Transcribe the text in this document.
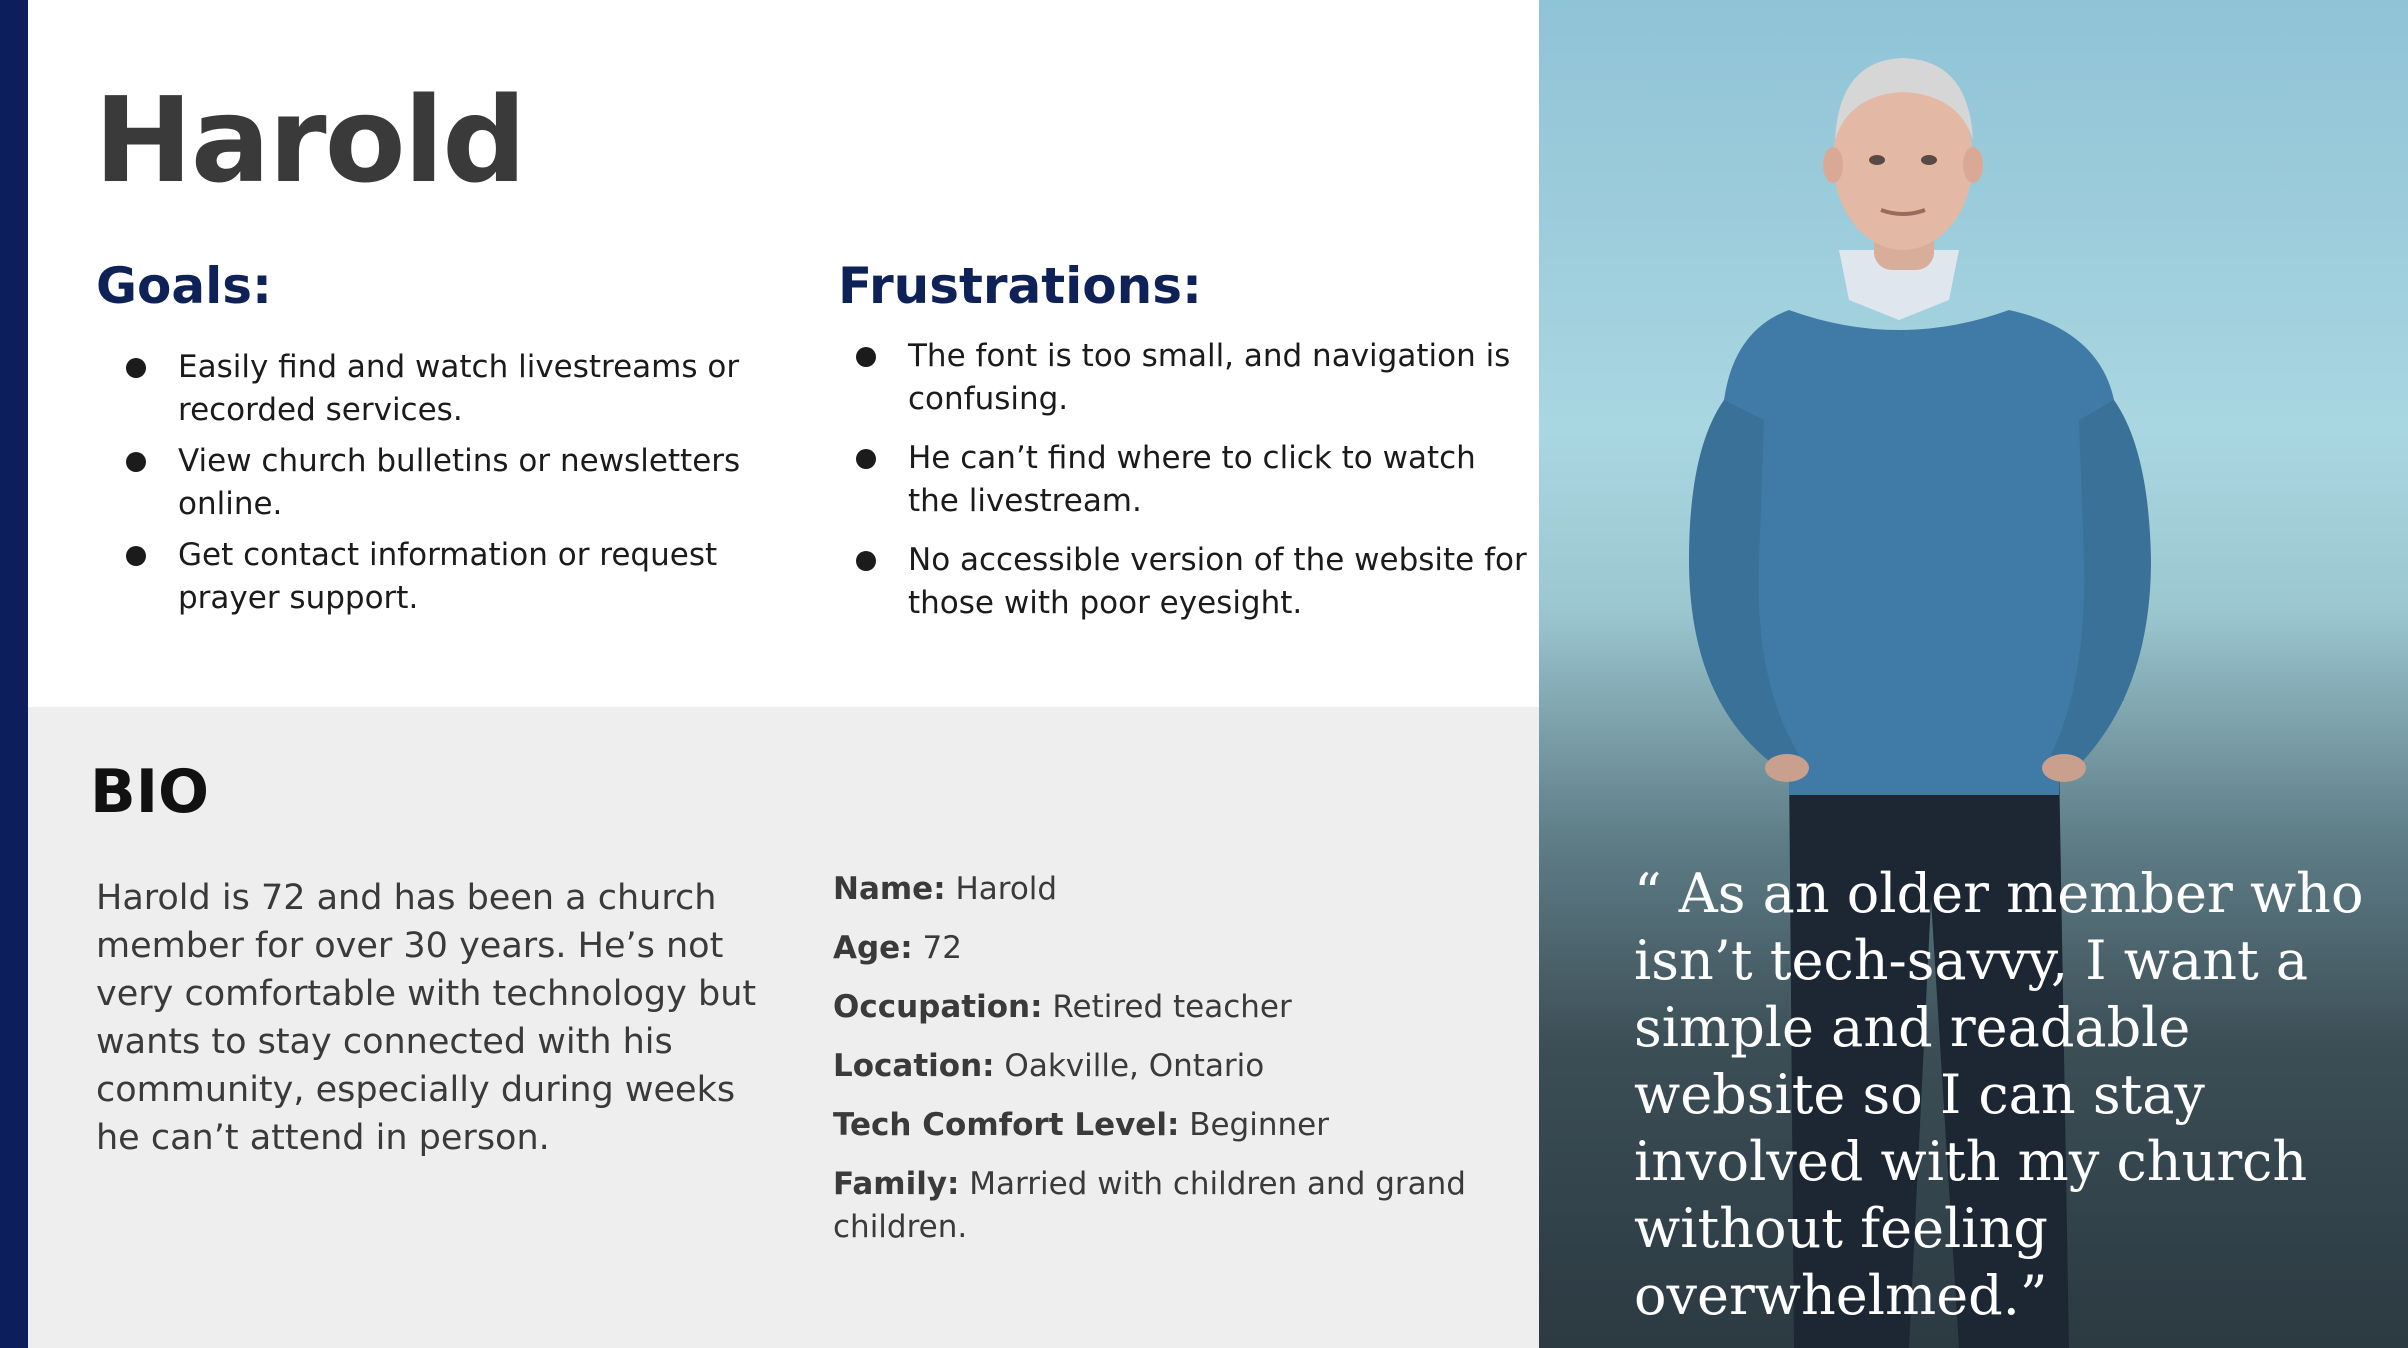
Harold
Goals:
Easily find and watch livestreams or recorded services.
View church bulletins or newsletters online.
Get contact information or request prayer support.
Frustrations:
The font is too small, and navigation is confusing.
He can’t find where to click to watch the livestream.
No accessible version of the website for those with poor eyesight.
BIO

Harold is 72 and has been a church member for over 30 years. He’s not very comfortable with technology but wants to stay connected with his community, especially during weeks he can’t attend in person.

Name: Harold
Age: 72
Occupation: Retired teacher
Location: Oakville, Ontario
Tech Comfort Level: Beginner
Family: Married with children and grand children.

“ As an older member who isn’t tech-savvy, I want a simple and readable website so I can stay involved with my church without feeling overwhelmed.”
